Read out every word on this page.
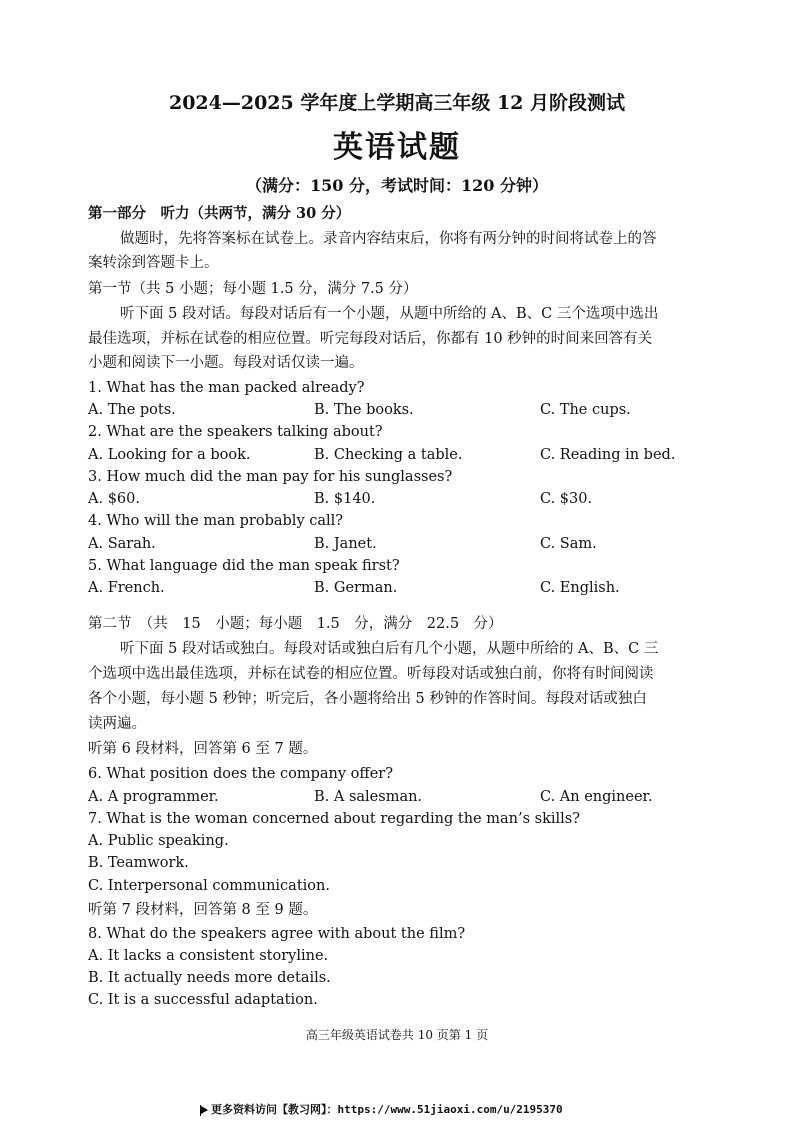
2024—2025 学年度上学期高三年级 12 月阶段测试
英语试题
（满分：150 分，考试时间：120 分钟）
第一部分　听力（共两节，满分 30 分）
做题时，先将答案标在试卷上。录音内容结束后，你将有两分钟的时间将试卷上的答
案转涂到答题卡上。
第一节（共 5 小题；每小题 1.5 分，满分 7.5 分）
听下面 5 段对话。每段对话后有一个小题，从题中所给的 A、B、C 三个选项中选出
最佳选项，并标在试卷的相应位置。听完每段对话后，你都有 10 秒钟的时间来回答有关
小题和阅读下一小题。每段对话仅读一遍。
1. What has the man packed already?
A. The pots.	B. The books.	C. The cups.
2. What are the speakers talking about?
A. Looking for a book.	B. Checking a table.	C. Reading in bed.
3. How much did the man pay for his sunglasses?
A. $60.	B. $140.	C. $30.
4. Who will the man probably call?
A. Sarah.	B. Janet.	C. Sam.
5. What language did the man speak first?
A. French.	B. German.	C. English.
第二节　（共　15　小题；每小题　1.5　分，满分　22.5　分）
听下面 5 段对话或独白。每段对话或独白后有几个小题，从题中所给的 A、B、C 三
个选项中选出最佳选项，并标在试卷的相应位置。听每段对话或独白前，你将有时间阅读
各个小题，每小题 5 秒钟；听完后，各小题将给出 5 秒钟的作答时间。每段对话或独白
读两遍。
听第 6 段材料，回答第 6 至 7 题。
6. What position does the company offer?
A. A programmer.	B. A salesman.	C. An engineer.
7. What is the woman concerned about regarding the man’s skills?
A. Public speaking.
B. Teamwork.
C. Interpersonal communication.
听第 7 段材料，回答第 8 至 9 题。
8. What do the speakers agree with about the film?
A. It lacks a consistent storyline.
B. It actually needs more details.
C. It is a successful adaptation.
高三年级英语试卷共 10 页第 1 页
更多资料访问【教习网】：https://www.51jiaoxi.com/u/2195370
